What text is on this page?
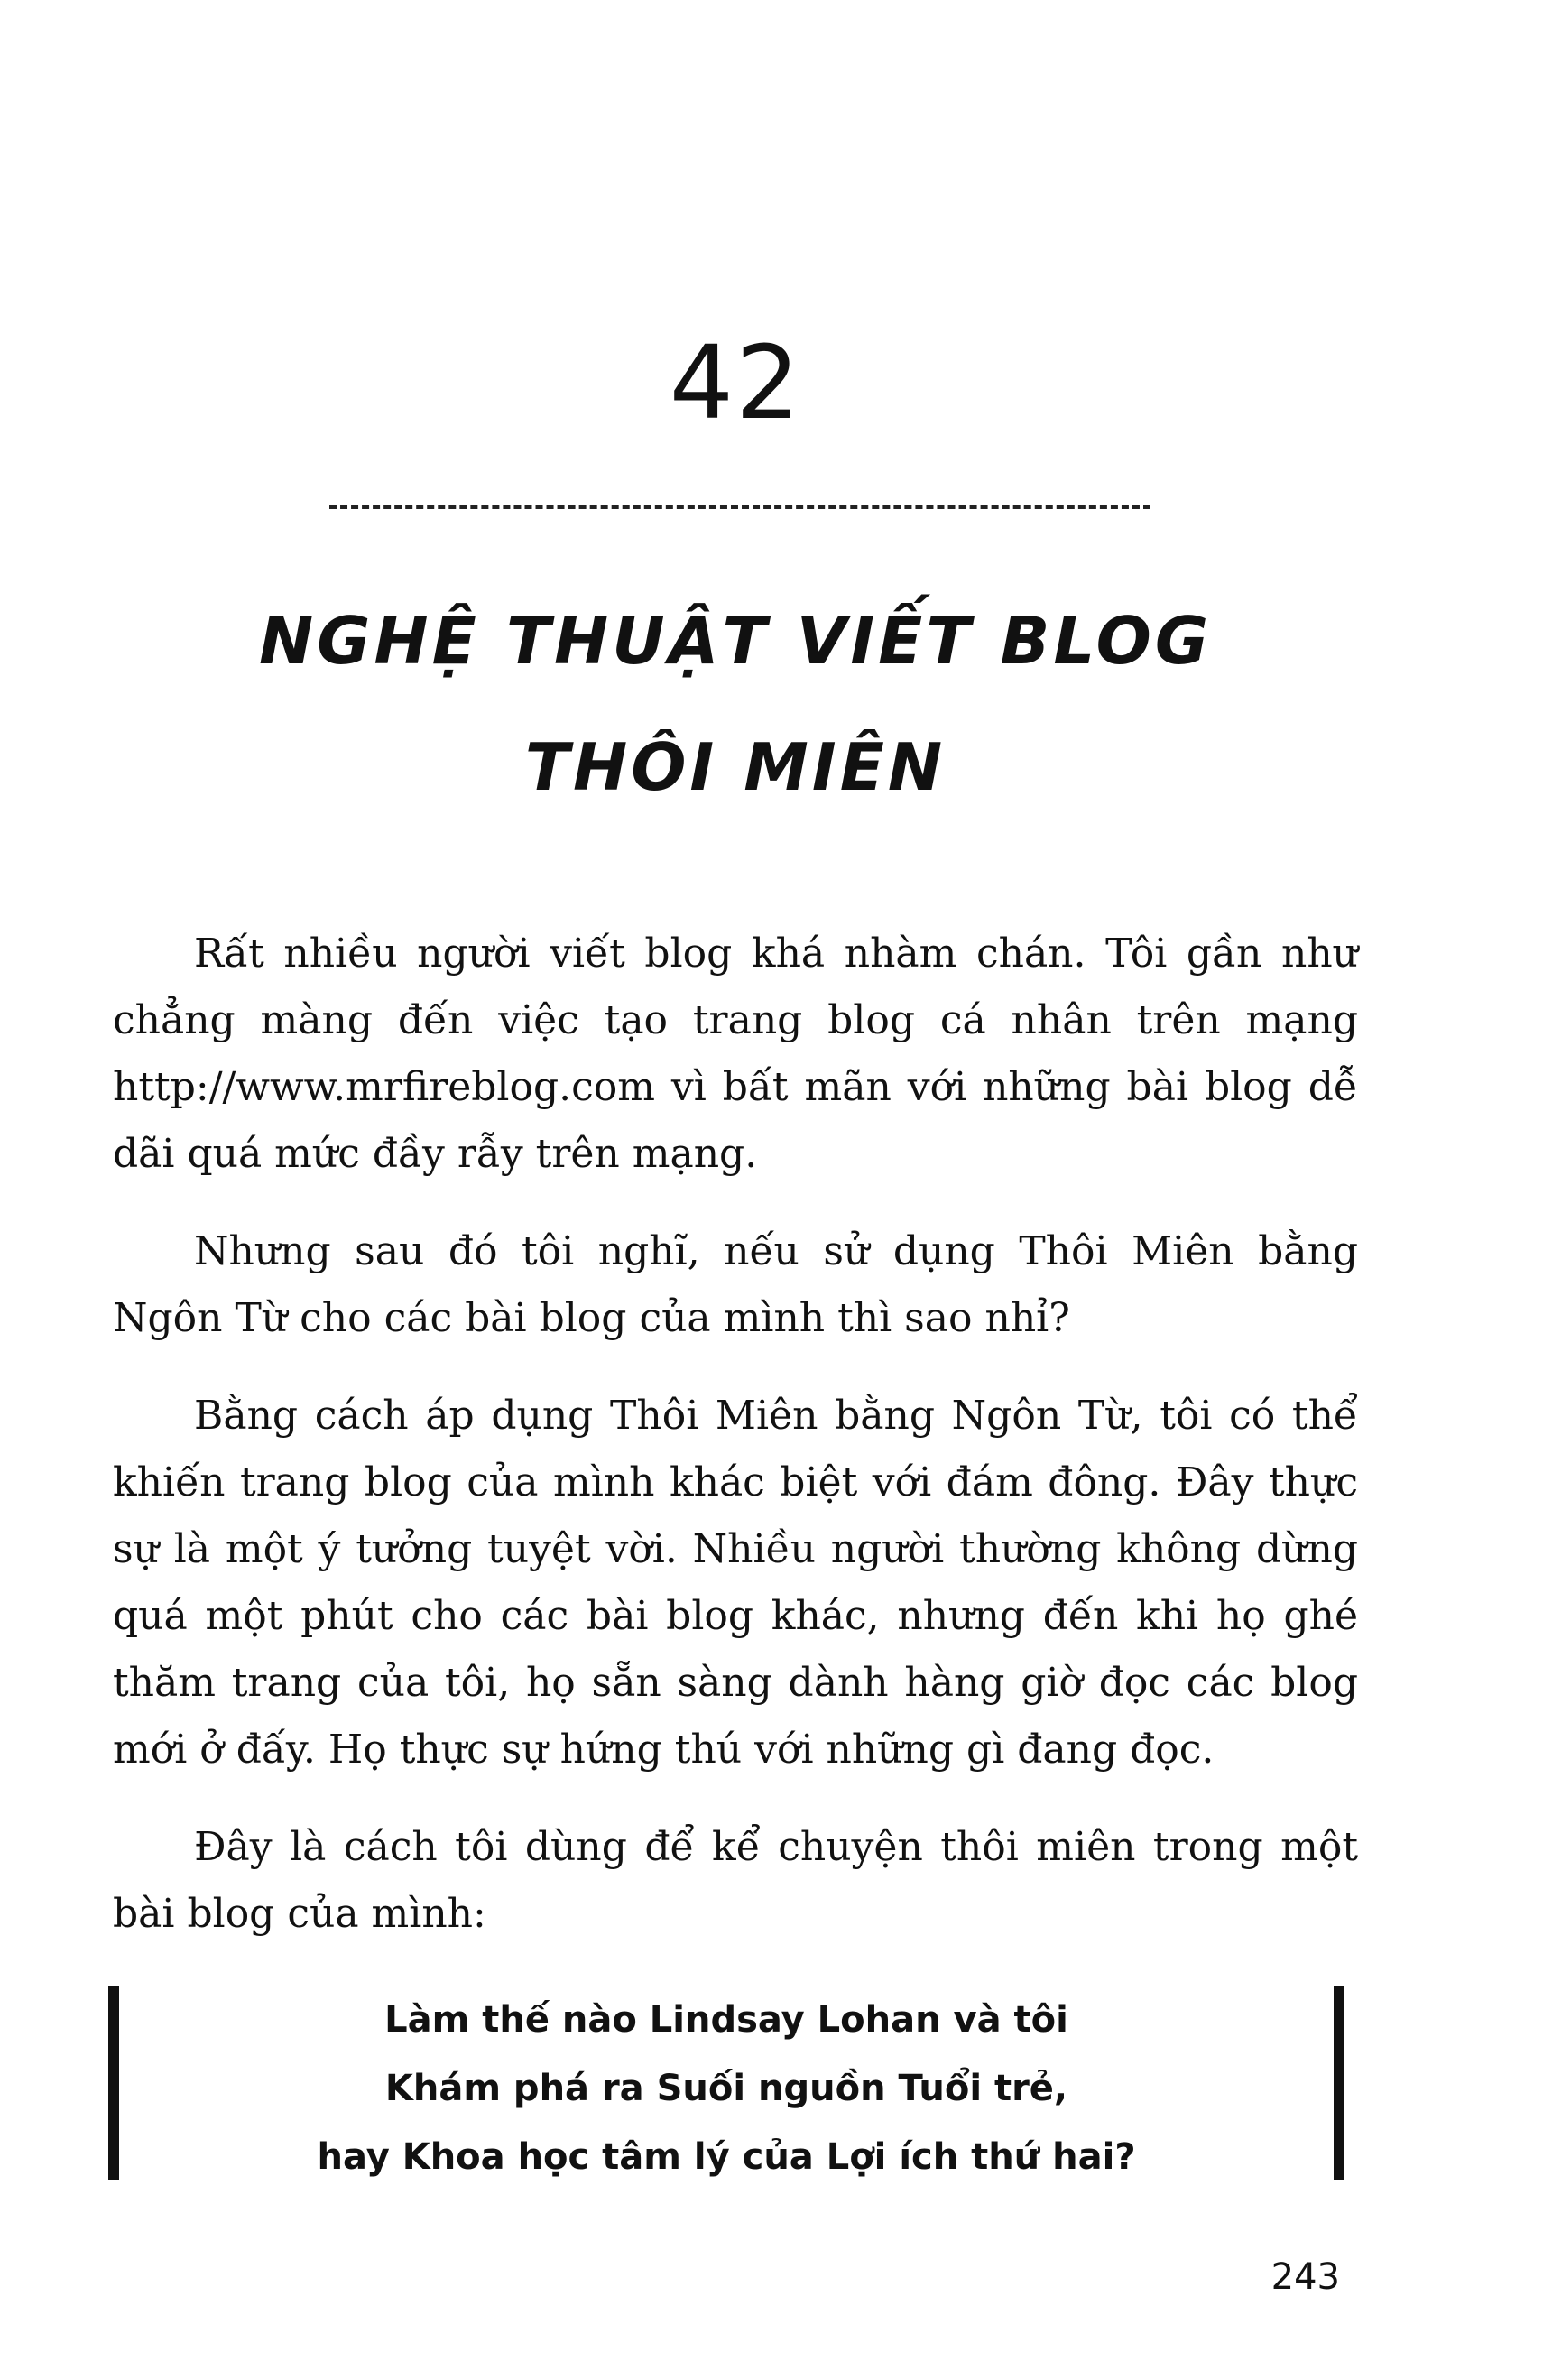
42
NGHỆ THUẬT VIẾT BLOG
THÔI MIÊN

Rất nhiều người viết blog khá nhàm chán. Tôi gần như chẳng màng đến việc tạo trang blog cá nhân trên mạng http://www.mrfireblog.com vì bất mãn với những bài blog dễ dãi quá mức đầy rẫy trên mạng.

Nhưng sau đó tôi nghĩ, nếu sử dụng Thôi Miên bằng Ngôn Từ cho các bài blog của mình thì sao nhỉ?

Bằng cách áp dụng Thôi Miên bằng Ngôn Từ, tôi có thể khiến trang blog của mình khác biệt với đám đông. Đây thực sự là một ý tưởng tuyệt vời. Nhiều người thường không dừng quá một phút cho các bài blog khác, nhưng đến khi họ ghé thăm trang của tôi, họ sẵn sàng dành hàng giờ đọc các blog mới ở đấy. Họ thực sự hứng thú với những gì đang đọc.

Đây là cách tôi dùng để kể chuyện thôi miên trong một bài blog của mình:

Làm thế nào Lindsay Lohan và tôi
Khám phá ra Suối nguồn Tuổi trẻ,
hay Khoa học tâm lý của Lợi ích thứ hai?
243
